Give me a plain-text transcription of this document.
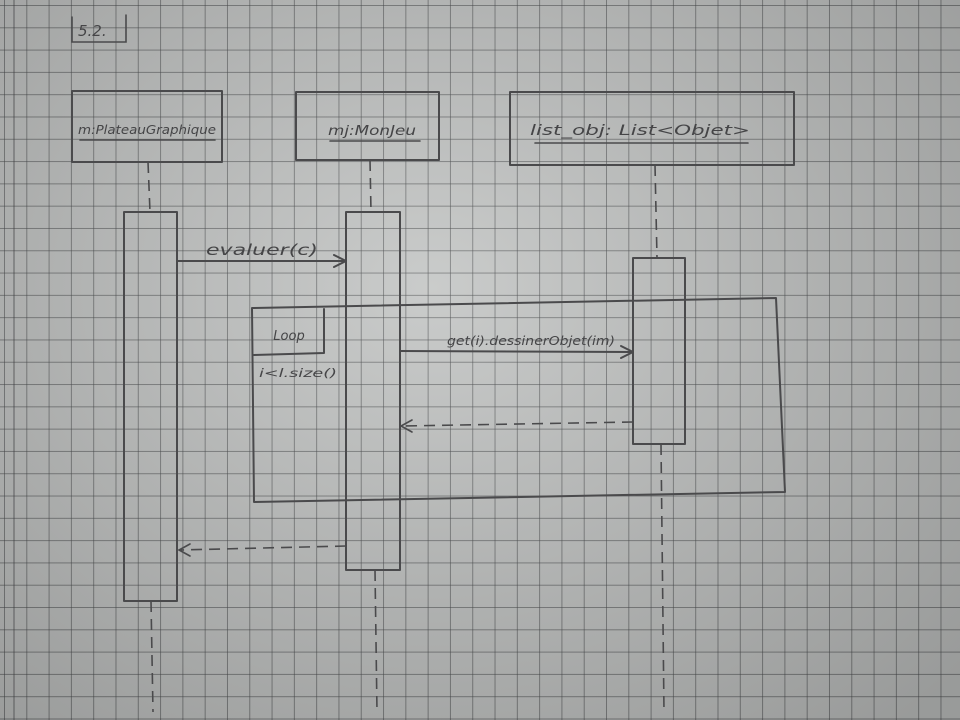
5.2.
m:PlateauGraphique	mj:MonJeu	list_obj: List<Objet>
Loop
i<l.size()
evaluer(c)
get(i).dessinerObjet(im)
